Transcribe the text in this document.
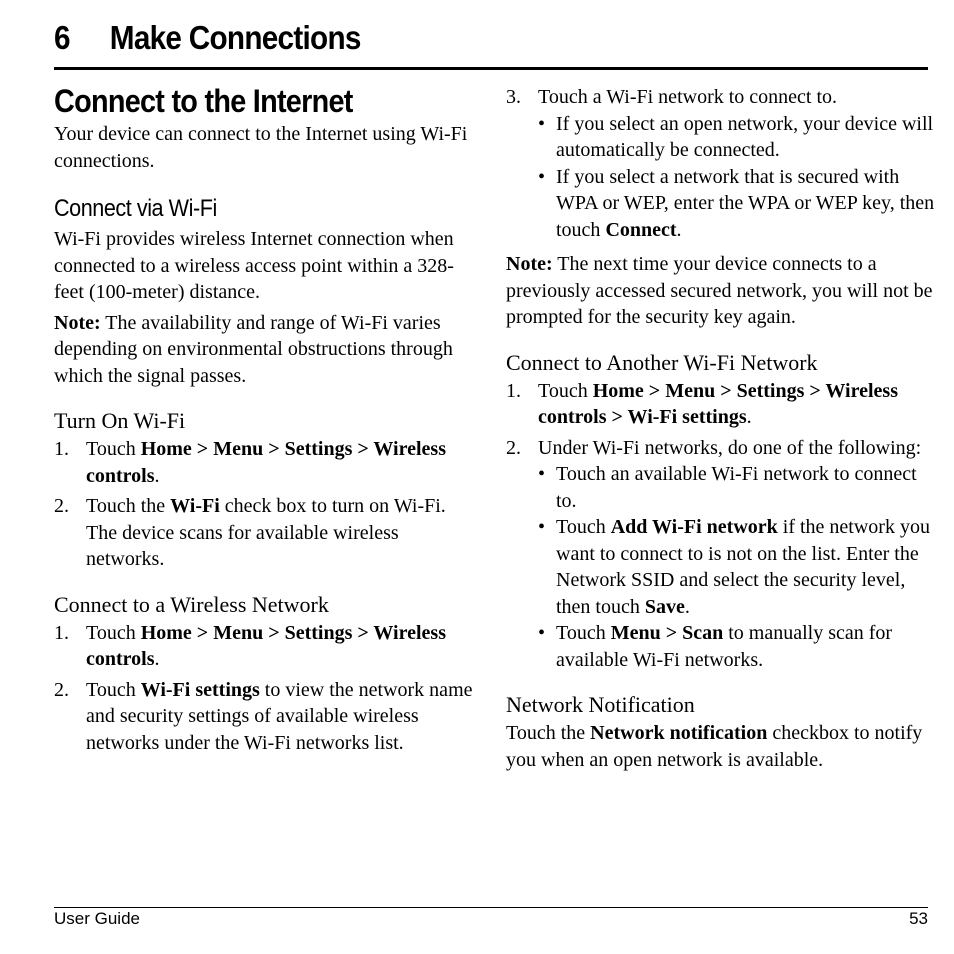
6 Make Connections
Connect to the Internet

Your device can connect to the Internet using Wi-Fi connections.

Connect via Wi-Fi

Wi-Fi provides wireless Internet connection when connected to a wireless access point within a 328-feet (100-meter) distance.

Note: The availability and range of Wi-Fi varies depending on environmental obstructions through which the signal passes.

Turn On Wi-Fi
1. Touch Home > Menu > Settings > Wireless controls.
2. Touch the Wi-Fi check box to turn on Wi-Fi. The device scans for available wireless networks.
Connect to a Wireless Network
1. Touch Home > Menu > Settings > Wireless controls.
2. Touch Wi-Fi settings to view the network name and security settings of available wireless networks under the Wi-Fi networks list.
3. Touch a Wi-Fi network to connect to.
• If you select an open network, your device will automatically be connected.
• If you select a network that is secured with WPA or WEP, enter the WPA or WEP key, then touch Connect.

Note: The next time your device connects to a previously accessed secured network, you will not be prompted for the security key again.

Connect to Another Wi-Fi Network
1. Touch Home > Menu > Settings > Wireless controls > Wi-Fi settings.
2. Under Wi-Fi networks, do one of the following:
• Touch an available Wi-Fi network to connect to.
• Touch Add Wi-Fi network if the network you want to connect to is not on the list. Enter the Network SSID and select the security level, then touch Save.
• Touch Menu > Scan to manually scan for available Wi-Fi networks.
Network Notification

Touch the Network notification checkbox to notify you when an open network is available.

User Guide	53
